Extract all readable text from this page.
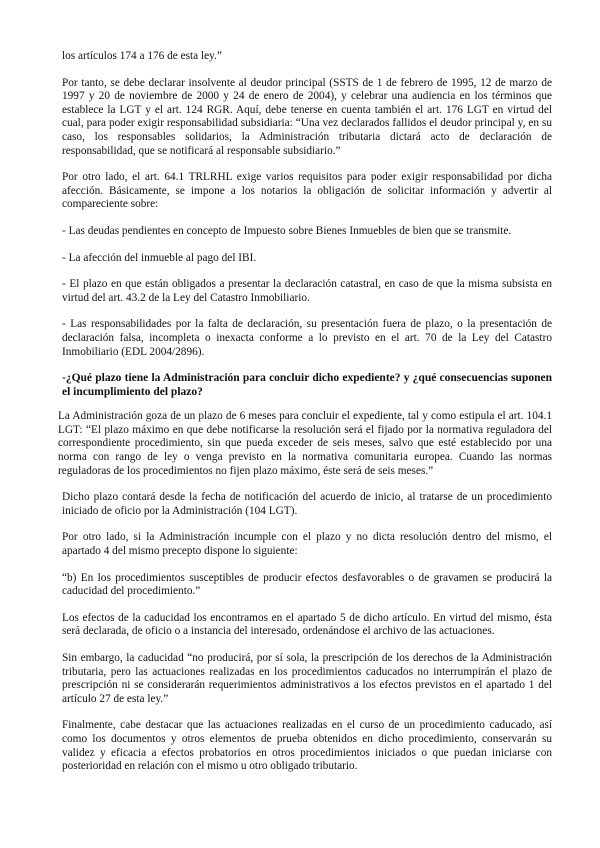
los artículos 174 a 176 de esta ley.”

Por tanto, se debe declarar insolvente al deudor principal (SSTS de 1 de febrero de 1995, 12 de marzo de 1997 y 20 de noviembre de 2000 y 24 de enero de 2004), y celebrar una audiencia en los términos que establece la LGT y el art. 124 RGR. Aquí, debe tenerse en cuenta también el art. 176 LGT en virtud del cual, para poder exigir responsabilidad subsidiaria: “Una vez declarados fallidos el deudor principal y, en su caso, los responsables solidarios, la Administración tributaria dictará acto de declaración de responsabilidad, que se notificará al responsable subsidiario.”

Por otro lado, el art. 64.1 TRLRHL exige varios requisitos para poder exigir responsabilidad por dicha afección. Básicamente, se impone a los notarios la obligación de solicitar información y advertir al compareciente sobre:

- Las deudas pendientes en concepto de Impuesto sobre Bienes Inmuebles de bien que se transmite.

- La afección del inmueble al pago del IBI.

- El plazo en que están obligados a presentar la declaración catastral, en caso de que la misma subsista en virtud del art. 43.2 de la Ley del Catastro Inmobiliario.

- Las responsabilidades por la falta de declaración, su presentación fuera de plazo, o la presentación de declaración falsa, incompleta o inexacta conforme a lo previsto en el art. 70 de la Ley del Catastro Inmobiliario (EDL 2004/2896).

-¿Qué plazo tiene la Administración para concluir dicho expediente? y ¿qué consecuencias suponen el incumplimiento del plazo?

La Administración goza de un plazo de 6 meses para concluir el expediente, tal y como estipula el art. 104.1 LGT: “El plazo máximo en que debe notificarse la resolución será el fijado por la normativa reguladora del correspondiente procedimiento, sin que pueda exceder de seis meses, salvo que esté establecido por una norma con rango de ley o venga previsto en la normativa comunitaria europea. Cuando las normas reguladoras de los procedimientos no fijen plazo máximo, éste será de seis meses.”

Dicho plazo contará desde la fecha de notificación del acuerdo de inicio, al tratarse de un procedimiento iniciado de oficio por la Administración (104 LGT).

Por otro lado, si la Administración incumple con el plazo y no dicta resolución dentro del mismo, el apartado 4 del mismo precepto dispone lo siguiente:

“b) En los procedimientos susceptibles de producir efectos desfavorables o de gravamen se producirá la caducidad del procedimiento.”

Los efectos de la caducidad los encontramos en el apartado 5 de dicho artículo. En virtud del mismo, ésta será declarada, de oficio o a instancia del interesado, ordenándose el archivo de las actuaciones.

Sin embargo, la caducidad “no producirá, por sí sola, la prescripción de los derechos de la Administración tributaria, pero las actuaciones realizadas en los procedimientos caducados no interrumpirán el plazo de prescripción ni se considerarán requerimientos administrativos a los efectos previstos en el apartado 1 del artículo 27 de esta ley.”

Finalmente, cabe destacar que las actuaciones realizadas en el curso de un procedimiento caducado, así como los documentos y otros elementos de prueba obtenidos en dicho procedimiento, conservarán su validez y eficacia a efectos probatorios en otros procedimientos iniciados o que puedan iniciarse con posterioridad en relación con el mismo u otro obligado tributario.
